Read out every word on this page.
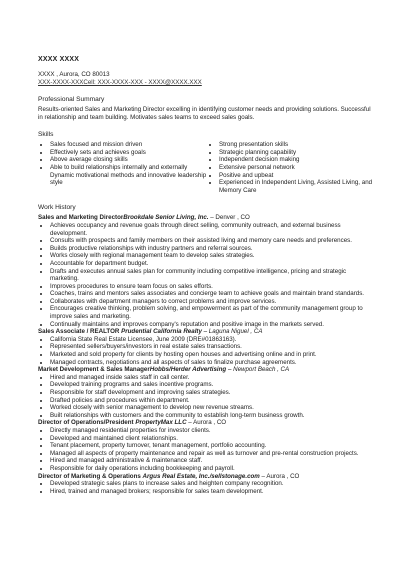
XXXX XXXX
XXXX , Aurora, CO 80013
XXX-XXXX-XXXCell: XXX-XXXX-XXX - XXXX@XXXX.XXX
Professional Summary
Results-oriented Sales and Marketing Director excelling in identifying customer needs and providing solutions. Successful in relationship and team building. Motivates sales teams to exceed sales goals.
Skills
• Sales focused and mission driven
• Effectively sets and achieves goals
• Above average closing skills
• Able to build relationships internally and externally
Dynamic motivational methods and innovative leadership style
• Strong presentation skills
• Strategic planning capability
• Independent decision making
• Extensive personal network
• Positive and upbeat
• Experienced in Independent Living, Assisted Living, and Memory Care
Work History
Sales and Marketing DirectorBrookdale Senior Living, Inc. – Denver , CO
• Achieves occupancy and revenue goals through direct selling, community outreach, and external business development.
• Consults with prospects and family members on their assisted living and memory care needs and preferences.
• Builds productive relationships with industry partners and referral sources.
• Works closely with regional management team to develop sales strategies.
• Accountable for department budget.
• Drafts and executes annual sales plan for community including competitive intelligence, pricing and strategic marketing.
• Improves procedures to ensure team focus on sales efforts.
• Coaches, trains and mentors sales associates and concierge team to achieve goals and maintain brand standards.
• Collaborates with department managers to correct problems and improve services.
• Encourages creative thinking, problem solving, and empowerment as part of the community management group to improve sales and marketing.
• Continually maintains and improves company's reputation and positive image in the markets served.
Sales Associate / REALTOR Prudential California Realty – Laguna Niguel , CA
• California State Real Estate Licensee, June 2009 (DRE#01863163).
• Represented sellers/buyers/investors in real estate sales transactions.
• Marketed and sold property for clients by hosting open houses and advertising online and in print.
• Managed contracts, negotiations and all aspects of sales to finalize purchase agreements.
Market Development & Sales ManagerHobbs/Herder Advertising – Newport Beach , CA
• Hired and managed inside sales staff in call center.
• Developed training programs and sales incentive programs.
• Responsible for staff development and improving sales strategies.
• Drafted policies and procedures within department.
• Worked closely with senior management to develop new revenue streams.
• Built relationships with customers and the community to establish long-term business growth.
Director of Operations/President PropertyMax LLC – Aurora , CO
• Directly managed residential properties for investor clients.
• Developed and maintained client relationships.
• Tenant placement, property turnover, tenant management, portfolio accounting.
• Managed all aspects of property maintenance and repair as well as turnover and pre-rental construction projects.
• Hired and managed administrative & maintenance staff.
• Responsible for daily operations including bookkeeping and payroll.
Director of Marketing & Operations Argus Real Estate, Inc./sellstonage.com – Aurora , CO
• Developed strategic sales plans to increase sales and heighten company recognition.
• Hired, trained and managed brokers; responsible for sales team development.
